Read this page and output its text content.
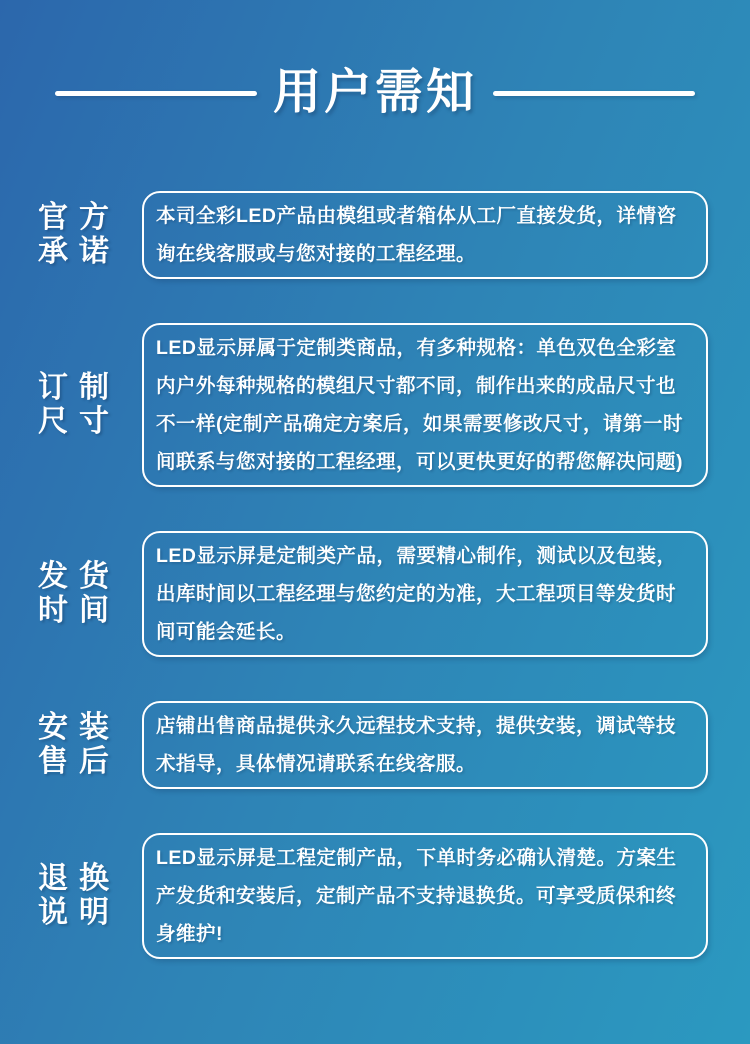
用户需知
官方
承诺

本司全彩LED产品由模组或者箱体从工厂直接发货，详情咨询在线客服或与您对接的工程经理。

订制
尺寸

LED显示屏属于定制类商品，有多种规格：单色双色全彩室内户外每种规格的模组尺寸都不同，制作出来的成品尺寸也不一样(定制产品确定方案后，如果需要修改尺寸，请第一时间联系与您对接的工程经理，可以更快更好的帮您解决问题)

发货
时间

LED显示屏是定制类产品，需要精心制作，测试以及包装，出库时间以工程经理与您约定的为准，大工程项目等发货时间可能会延长。

安装
售后

店铺出售商品提供永久远程技术支持，提供安装，调试等技术指导，具体情况请联系在线客服。

退换
说明

LED显示屏是工程定制产品，下单时务必确认清楚。方案生产发货和安装后，定制产品不支持退换货。可享受质保和终身维护!
